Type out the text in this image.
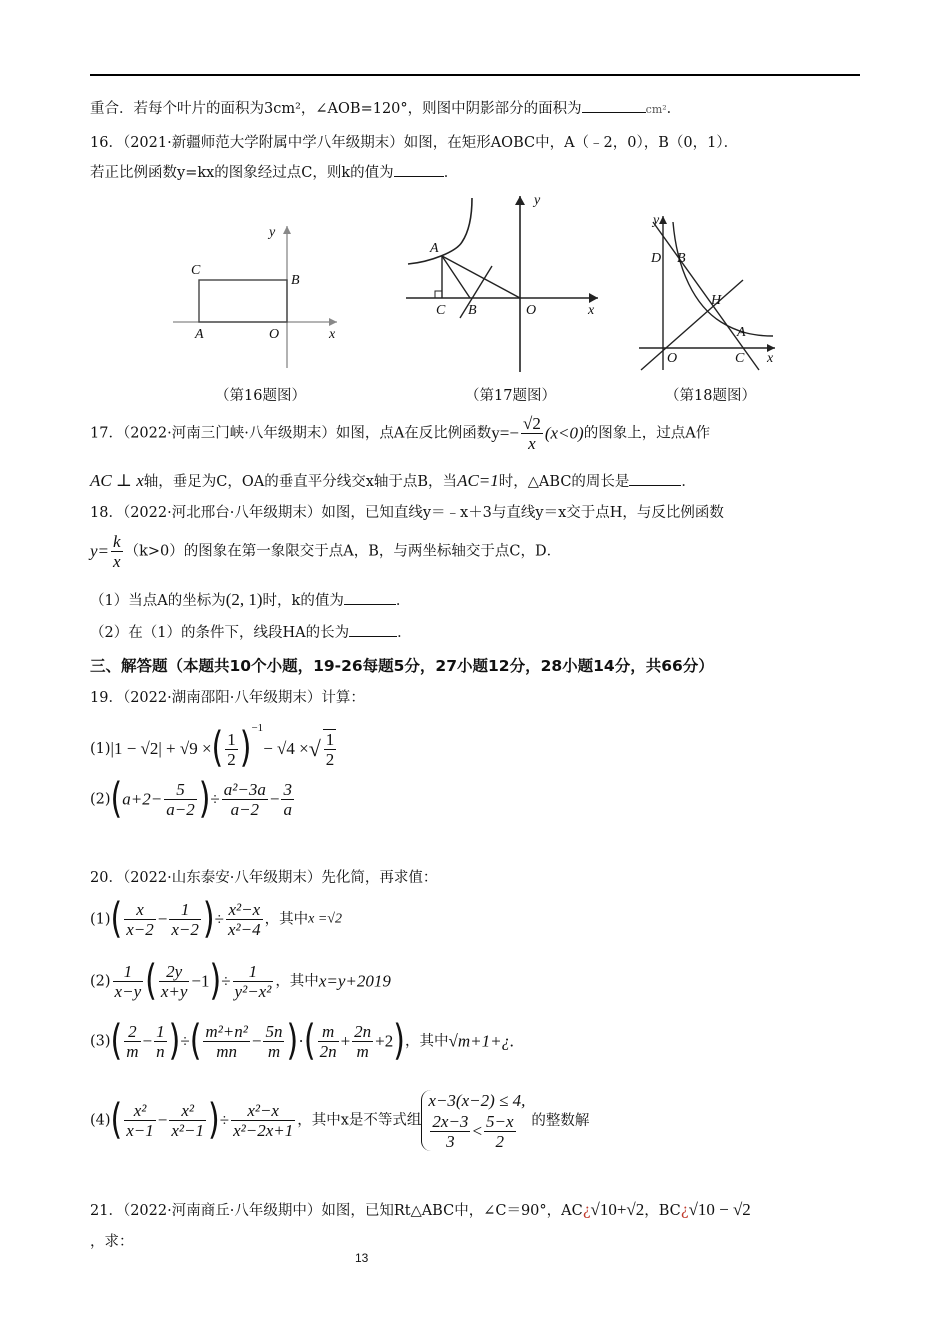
重合．若每个叶片的面积为3cm²，∠AOB=120°，则图中阴影部分的面积为	cm²．
16．（2021·新疆师范大学附属中学八年级期末）如图，在矩形AOBC中，A（﹣2，0），B（0，1）．
若正比例函数y=kx的图象经过点C，则k的值为	．
y
x
C
B
A	O
y
x
A
C B	O
y
x
D B
H
A
O	C
（第16题图）	（第17题图）	（第18题图）
17．（2022·河南三门峡·八年级期末）如图，点A在反比例函数$y=- \frac{√2}{x} (x<0)$的图象上，过点A作
AC ⊥ x轴，垂足为C，OA的垂直平分线交x轴于点B，当AC=1时，△ABC的周长是	．
18．（2022·河北邢台·八年级期末）如图，已知直线y＝﹣x＋3与直线y＝x交于点H，与反比例函数
$y= \frac{k}{x} (k>0)$的图象在第一象限交于点A，B，与两坐标轴交于点C，D．
（1）当点A的坐标为(2, 1)时，k的值为	．
（2）在（1）的条件下，线段HA的长为	．
三、解答题（本题共10个小题，19-26每题5分，27小题12分，28小题14分，共66分）
19．（2022·湖南邵阳·八年级期末）计算：
(1)|1 − √2| + √9 ×( $\frac{1}{2} )^{-1}- √4$ ×√ $\frac{1}{2}$
$(2)(a+2- \frac{5}{a-2}$ )÷ $\frac{\text{a²−3a}}{a-2} - \frac{3}{a}$
20．（2022·山东泰安·八年级期末）先化简，再求值：
$(1)( \frac{x}{x-2} - \frac{1}{x-2}$ )÷ $\frac{\text{x²−x}}{\text{x²−4}}$ ，其中x =√2
$(2) \frac{1}{x-y}$ ( $\frac{2y}{x+y} -1)\div \frac{1}{\text{y²−x²}}$ ，其中x=y+2019
$(3)( \frac{2}{m} - \frac{1}{n}$ )÷( $\frac{\text{m²+n²}}{mn} - \frac{5n}{m}$ )·( $\frac{m}{2n} + \frac{2n}{m} +2$)，其中√m+1+¿.
$(4)( \frac{\text{x²}}{x-1} - \frac{\text{x²}}{\text{x²−1}}$ )÷ $\frac{\text{x²−x}}{\text{x²−2x+1}}$ ，其中x是不等式组
x−3(x−2) ≤ 4,
$\frac{2x-3}{3} < \frac{5-x}{2}$ 的整数解
21．（2022·河南商丘·八年级期中）如图，已知Rt△ABC中，∠C＝90°，AC¿√10+√2，BC¿√10 − √2
，求：
13
